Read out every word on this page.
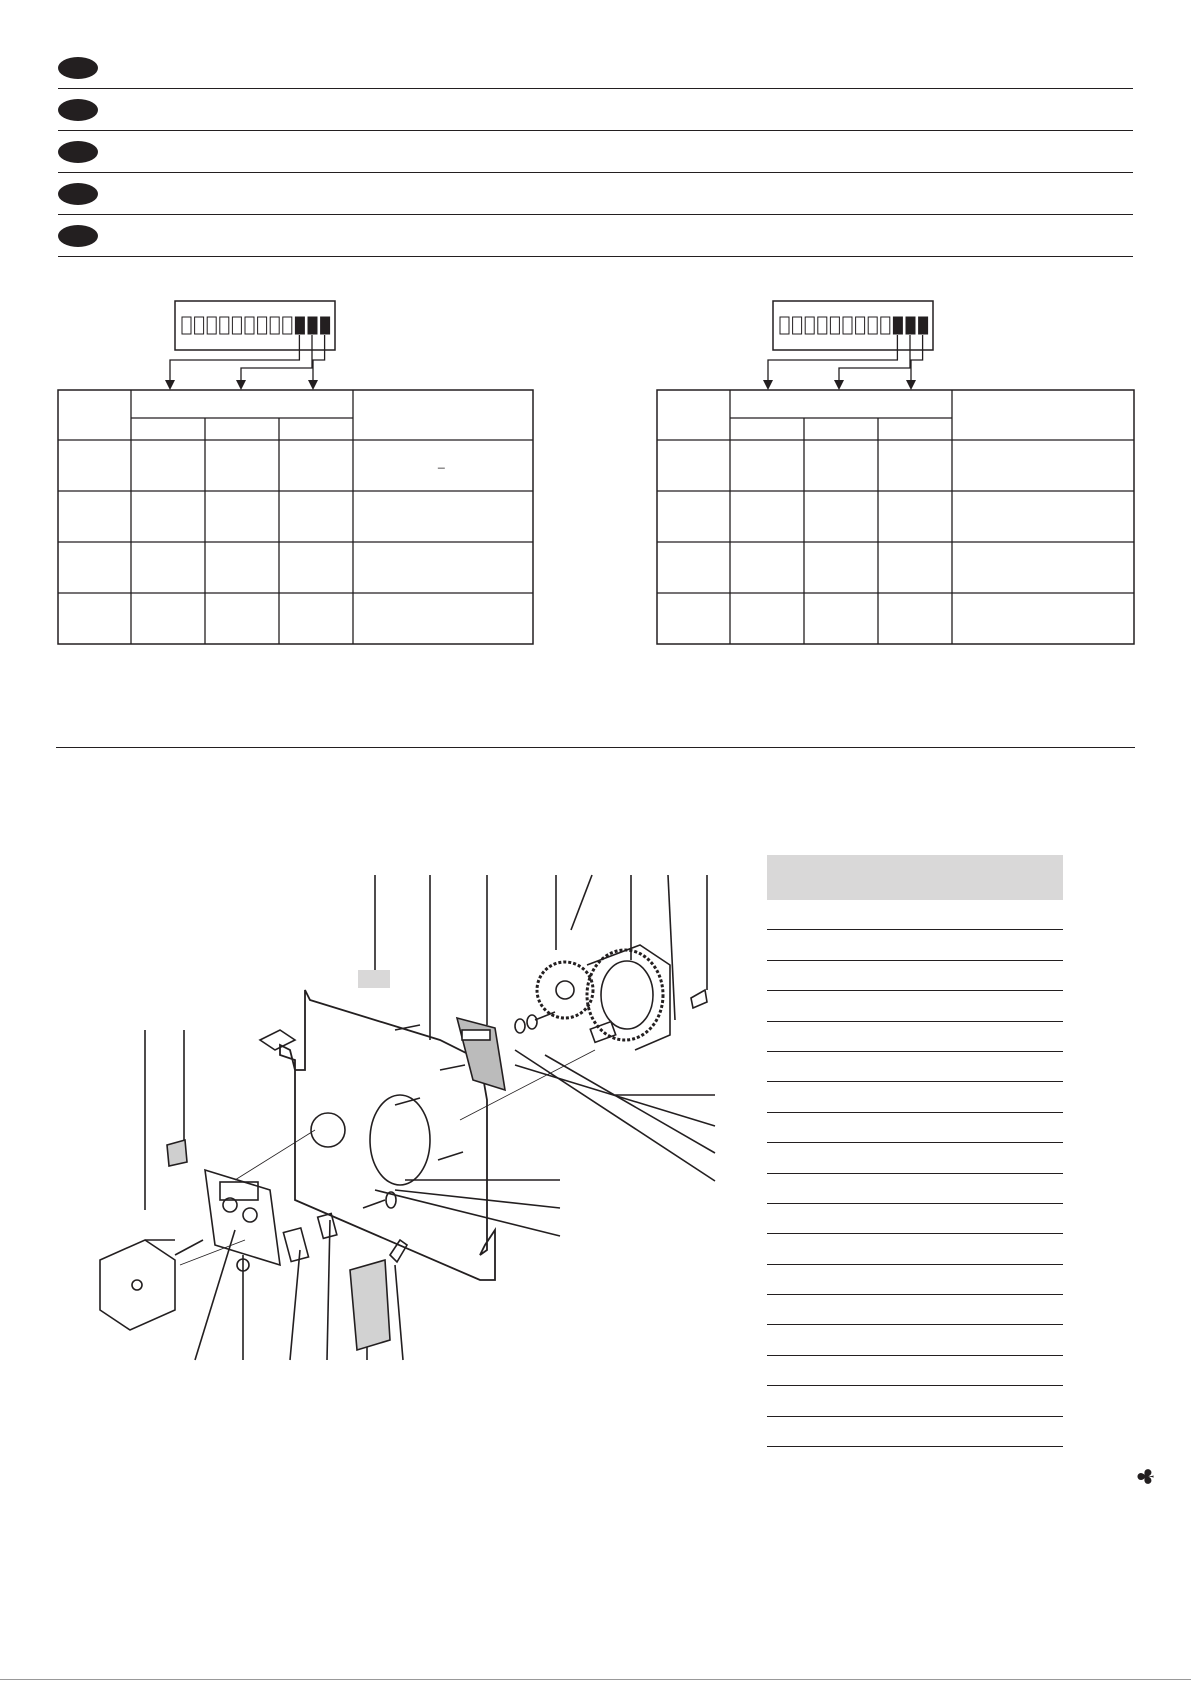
_
♣
